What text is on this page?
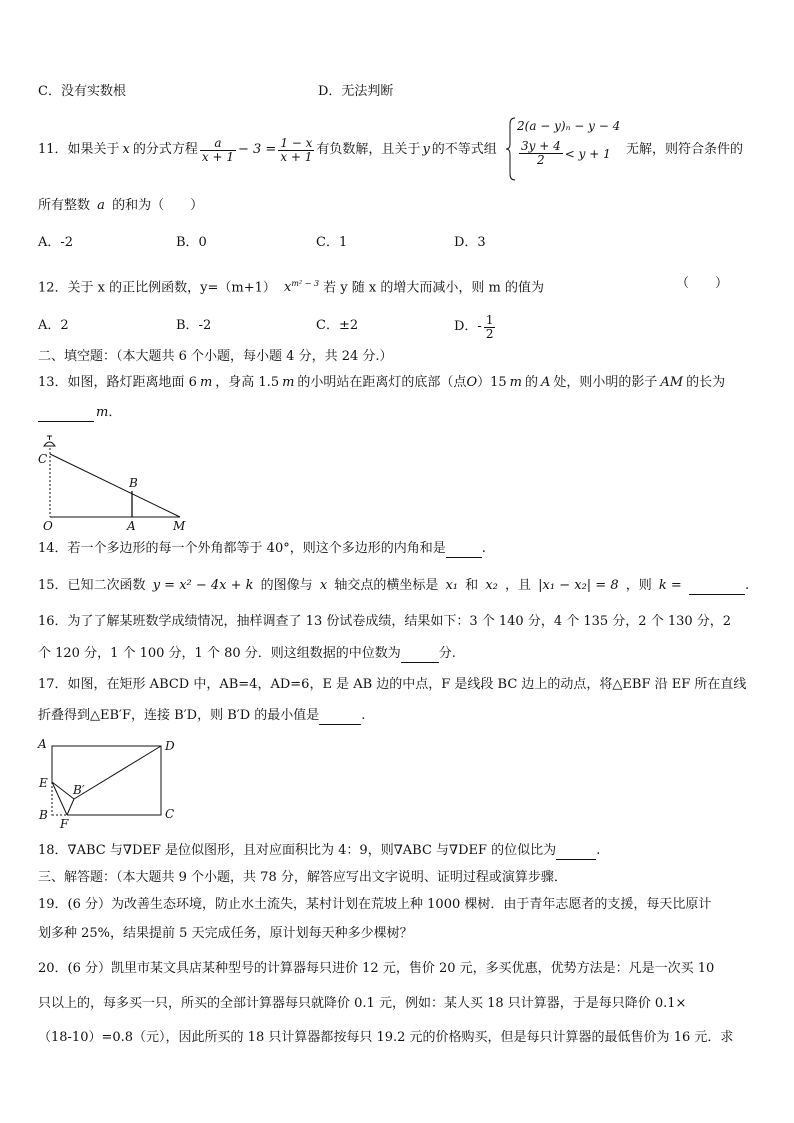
C．没有实数根	D．无法判断
11．如果关于 x 的分式方程 $\frac{a}{x + 1} - 3 = \frac{1 - x}{x + 1}$ 有负数解，且关于 y 的不等式组
2(a − y)ₙ − y − 4
$\frac{3y + 4}{2} < y + 1$ 无解，则符合条件的
所有整数 a 的和为（　　）
A．-2	B．0	C．1	D．3
12．关于 x 的正比例函数，y=（m+1） $x^{m^2 - 3}$ 若 y 随 x 的增大而减小，则 m 的值为	（　　）
A．2	B．-2	C．±2	D．- $\frac{1}{2}$
二、填空题：（本大题共 6 个小题，每小题 4 分，共 24 分.）
13．如图，路灯距离地面 6 m ，身高 1.5 m 的小明站在距离灯的底部（点O）15 m 的 A 处，则小明的影子 AM 的长为
m．
C
B
O	A	M
14．若一个多边形的每一个外角都等于 40°，则这个多边形的内角和是	.
15．已知二次函数 y = x² − 4x + k 的图像与 x 轴交点的横坐标是 x₁ 和 x₂ ，且 |x₁ − x₂| = 8 ，则 k =	.
16．为了了解某班数学成绩情况，抽样调查了 13 份试卷成绩，结果如下：3 个 140 分，4 个 135 分，2 个 130 分，2
个 120 分，1 个 100 分，1 个 80 分．则这组数据的中位数为	分.
17．如图，在矩形 ABCD 中，AB=4，AD=6，E 是 AB 边的中点，F 是线段 BC 边上的动点，将△EBF 沿 EF 所在直线
折叠得到△EB′F，连接 B′D，则 B′D 的最小值是	.
A	D
E B′
B
F
C
18．∇ABC 与∇DEF 是位似图形，且对应面积比为 4：9，则∇ABC 与∇DEF 的位似比为	.
三、解答题：（本大题共 9 个小题，共 78 分，解答应写出文字说明、证明过程或演算步骤．
19．(6 分）为改善生态环境，防止水土流失，某村计划在荒坡上种 1000 棵树．由于青年志愿者的支援，每天比原计
划多种 25%，结果提前 5 天完成任务，原计划每天种多少棵树？
20．(6 分）凯里市某文具店某种型号的计算器每只进价 12 元，售价 20 元，多买优惠，优势方法是：凡是一次买 10
只以上的，每多买一只，所买的全部计算器每只就降价 0.1 元，例如：某人买 18 只计算器，于是每只降价 0.1×
（18-10）=0.8（元），因此所买的 18 只计算器都按每只 19.2 元的价格购买，但是每只计算器的最低售价为 16 元．求
